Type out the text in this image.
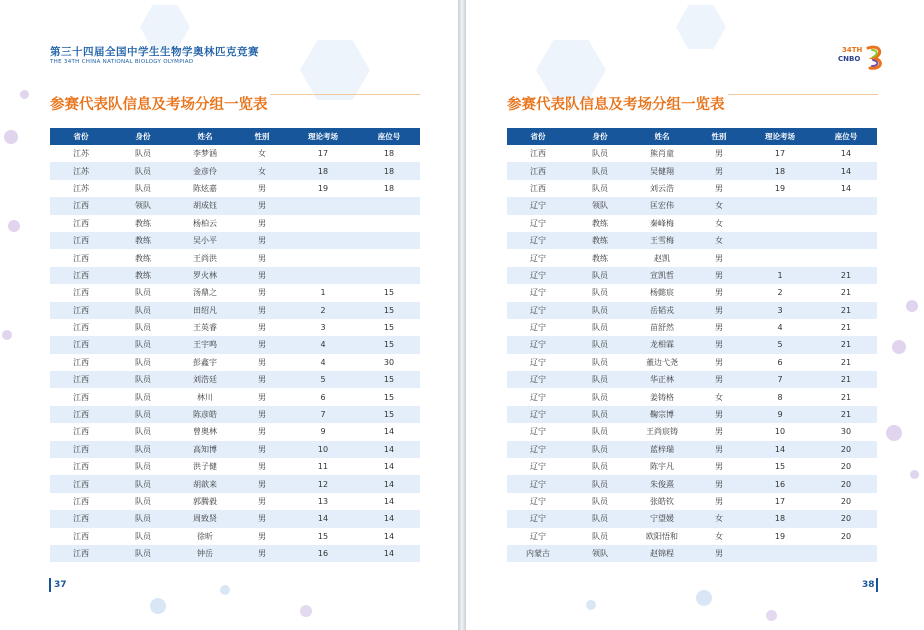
第三十四届全国中学生生物学奥林匹克竞赛
THE 34TH CHINA NATIONAL BIOLOGY OLYMPIAD
参赛代表队信息及考场分组一览表
省份	身份	姓名	性别	理论考场	座位号
江苏	队员	李梦涵	女	17	18
江苏	队员	金彦伶	女	18	18
江苏	队员	陈炫嘉	男	19	18
江西	领队	胡成钰	男		
江西	教练	杨柏云	男		
江西	教练	吴小平	男		
江西	教练	王尚洪	男		
江西	教练	罗火林	男		
江西	队员	汤鼎之	男	1	15
江西	队员	田绍凡	男	2	15
江西	队员	王英睿	男	3	15
江西	队员	王宇鸣	男	4	15
江西	队员	彭鑫宇	男	4	30
江西	队员	刘浩廷	男	5	15
江西	队员	林川	男	6	15
江西	队员	陈彦皓	男	7	15
江西	队员	曾奥林	男	9	14
江西	队员	高知博	男	10	14
江西	队员	洪子健	男	11	14
江西	队员	胡歆来	男	12	14
江西	队员	郭腾毅	男	13	14
江西	队员	周致贤	男	14	14
江西	队员	徐昕	男	15	14
江西	队员	钟岳	男	16	14
37
34TH
CNBO
参赛代表队信息及考场分组一览表
省份	身份	姓名	性别	理论考场	座位号
江西	队员	熊肖童	男	17	14
江西	队员	吴健翔	男	18	14
江西	队员	刘云浩	男	19	14
辽宁	领队	匡宏伟	女		
辽宁	教练	秦峰梅	女		
辽宁	教练	王雪梅	女		
辽宁	教练	赵凯	男		
辽宁	队员	宣凯哲	男	1	21
辽宁	队员	杨懿宸	男	2	21
辽宁	队员	岳韬戎	男	3	21
辽宁	队员	苗舒然	男	4	21
辽宁	队员	龙相霖	男	5	21
辽宁	队员	董边弋尧	男	6	21
辽宁	队员	华正林	男	7	21
辽宁	队员	姜铸格	女	8	21
辽宁	队员	鞠宗博	男	9	21
辽宁	队员	王尚宸铸	男	10	30
辽宁	队员	蓝梓瑞	男	14	20
辽宁	队员	陈宇凡	男	15	20
辽宁	队员	朱俊熹	男	16	20
辽宁	队员	张皓钦	男	17	20
辽宁	队员	宁望媛	女	18	20
辽宁	队员	欧阳悟和	女	19	20
内蒙古	领队	赵锦程	男		
38
